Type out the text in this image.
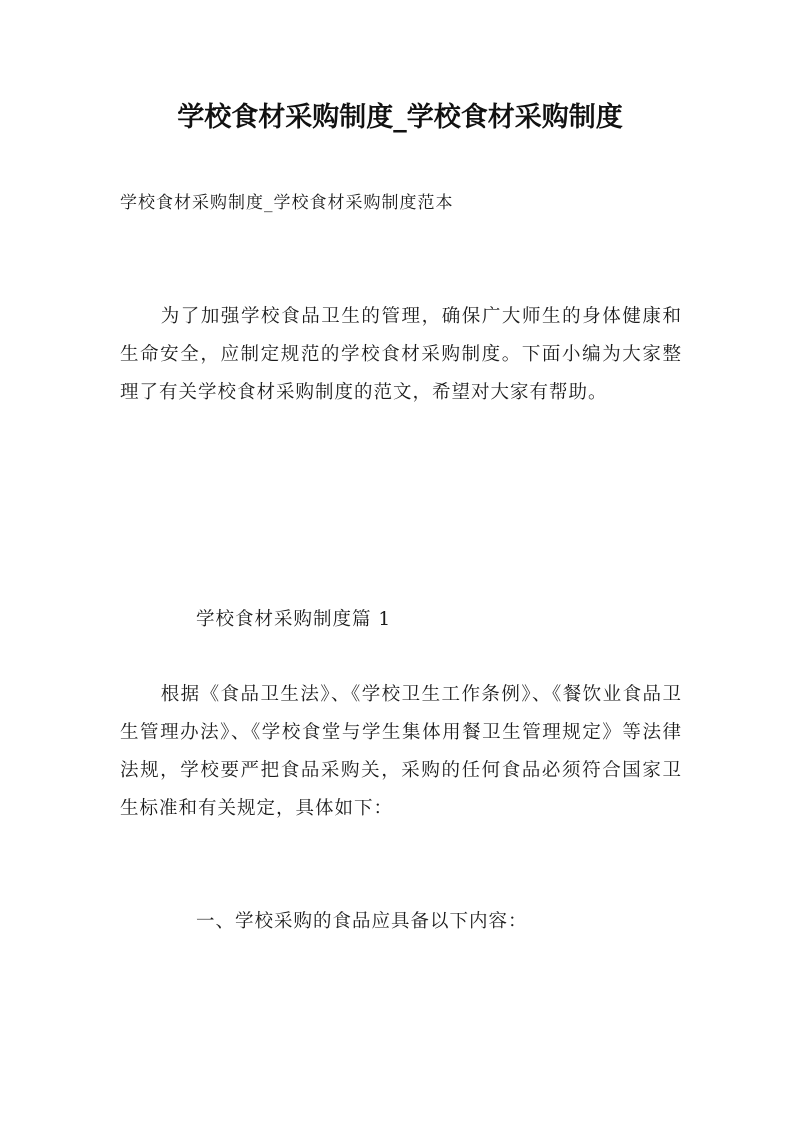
学校食材采购制度_学校食材采购制度

学校食材采购制度_学校食材采购制度范本

为了加强学校食品卫生的管理，确保广大师生的身体健康和生命安全，应制定规范的学校食材采购制度。下面小编为大家整理了有关学校食材采购制度的范文，希望对大家有帮助。

学校食材采购制度篇 1

根据《食品卫生法》、《学校卫生工作条例》、《餐饮业食品卫生管理办法》、《学校食堂与学生集体用餐卫生管理规定》等法律法规，学校要严把食品采购关，采购的任何食品必须符合国家卫生标准和有关规定，具体如下：

一、学校采购的食品应具备以下内容：
